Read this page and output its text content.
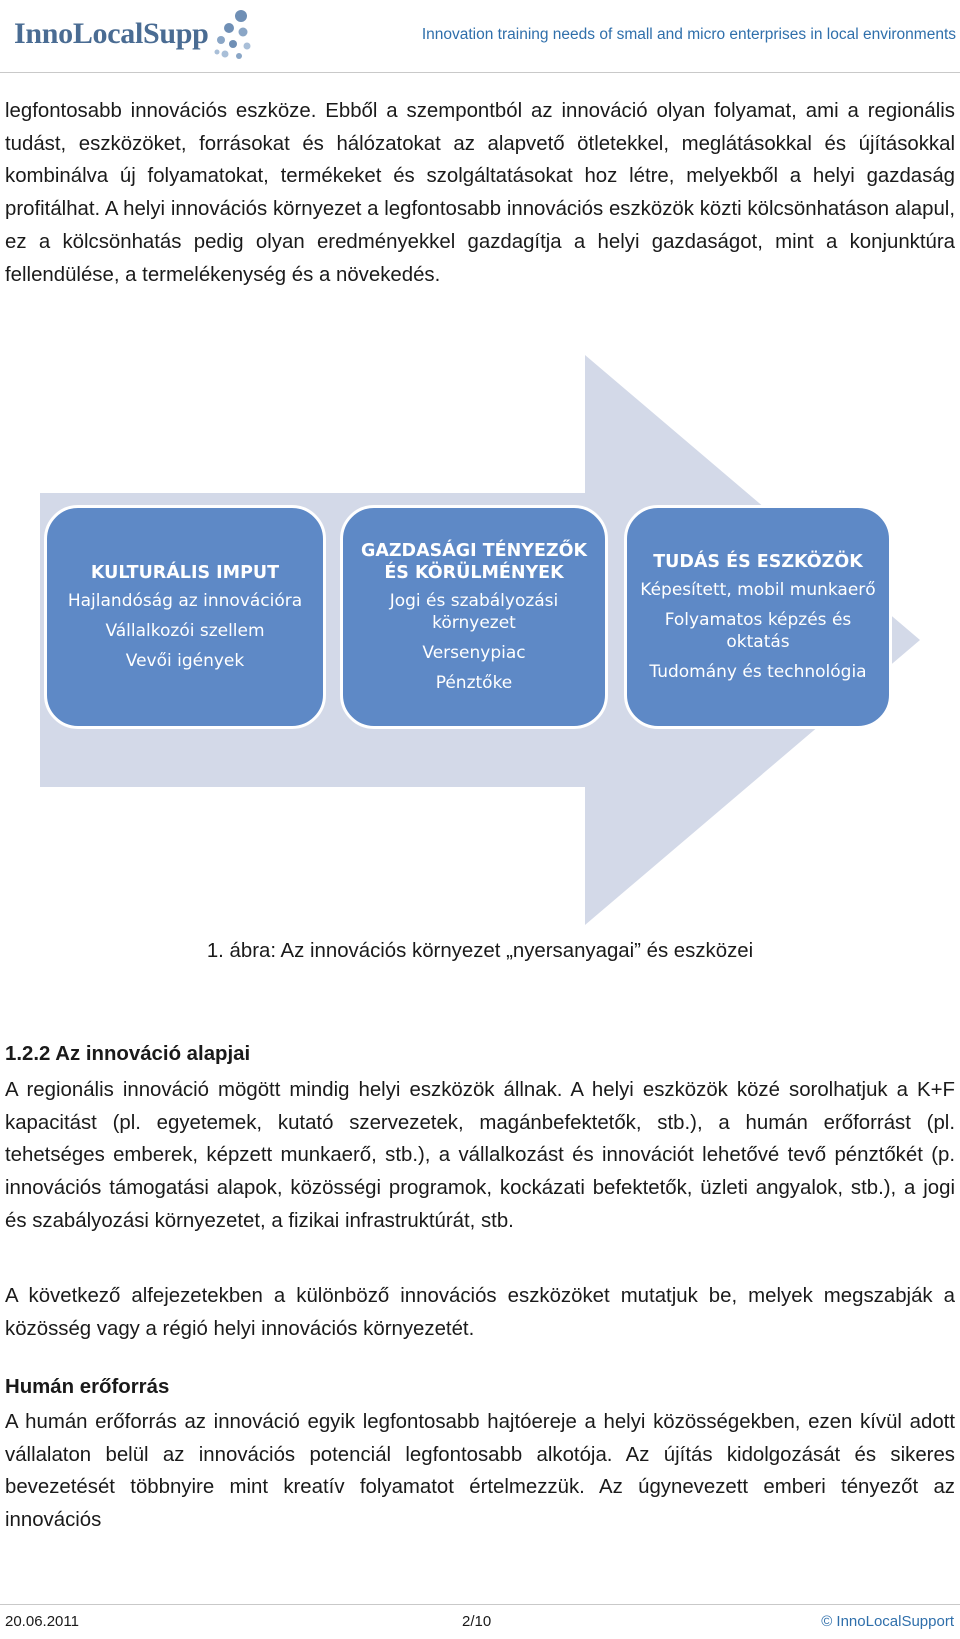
InnoLocalSupp	Innovation training needs of small and micro enterprises in local environments

legfontosabb innovációs eszköze. Ebből a szempontból az innováció olyan folyamat, ami a regionális tudást, eszközöket, forrásokat és hálózatokat az alapvető ötletekkel, meglátásokkal és újításokkal kombinálva új folyamatokat, termékeket és szolgáltatásokat hoz létre, melyekből a helyi gazdaság profitálhat. A helyi innovációs környezet a legfontosabb innovációs eszközök közti kölcsönhatáson alapul, ez a kölcsönhatás pedig olyan eredményekkel gazdagítja a helyi gazdaságot, mint a konjunktúra fellendülése, a termelékenység és a növekedés.

KULTURÁLIS IMPUT
Hajlandóság az innovációra
Vállalkozói szellem
Vevői igények
GAZDASÁGI TÉNYEZŐK ÉS KÖRÜLMÉNYEK
Jogi és szabályozási környezet
Versenypiac
Pénztőke
TUDÁS ÉS ESZKÖZÖK
Képesített, mobil munkaerő
Folyamatos képzés és oktatás
Tudomány és technológia
1. ábra: Az innovációs környezet „nyersanyagai” és eszközei
1.2.2 Az innováció alapjai

A regionális innováció mögött mindig helyi eszközök állnak. A helyi eszközök közé sorolhatjuk a K+F kapacitást (pl. egyetemek, kutató szervezetek, magánbefektetők, stb.), a humán erőforrást (pl. tehetséges emberek, képzett munkaerő, stb.), a vállalkozást és innovációt lehetővé tevő pénztőkét (p. innovációs támogatási alapok, közösségi programok, kockázati befektetők, üzleti angyalok, stb.), a jogi és szabályozási környezetet, a fizikai infrastruktúrát, stb.

A következő alfejezetekben a különböző innovációs eszközöket mutatjuk be, melyek megszabják a közösség vagy a régió helyi innovációs környezetét.

Humán erőforrás

A humán erőforrás az innováció egyik legfontosabb hajtóereje a helyi közösségekben, ezen kívül adott vállalaton belül az innovációs potenciál legfontosabb alkotója. Az újítás kidolgozását és sikeres bevezetését többnyire mint kreatív folyamatot értelmezzük. Az úgynevezett emberi tényezőt az innovációs

20.06.2011	2/10	© InnoLocalSupport
